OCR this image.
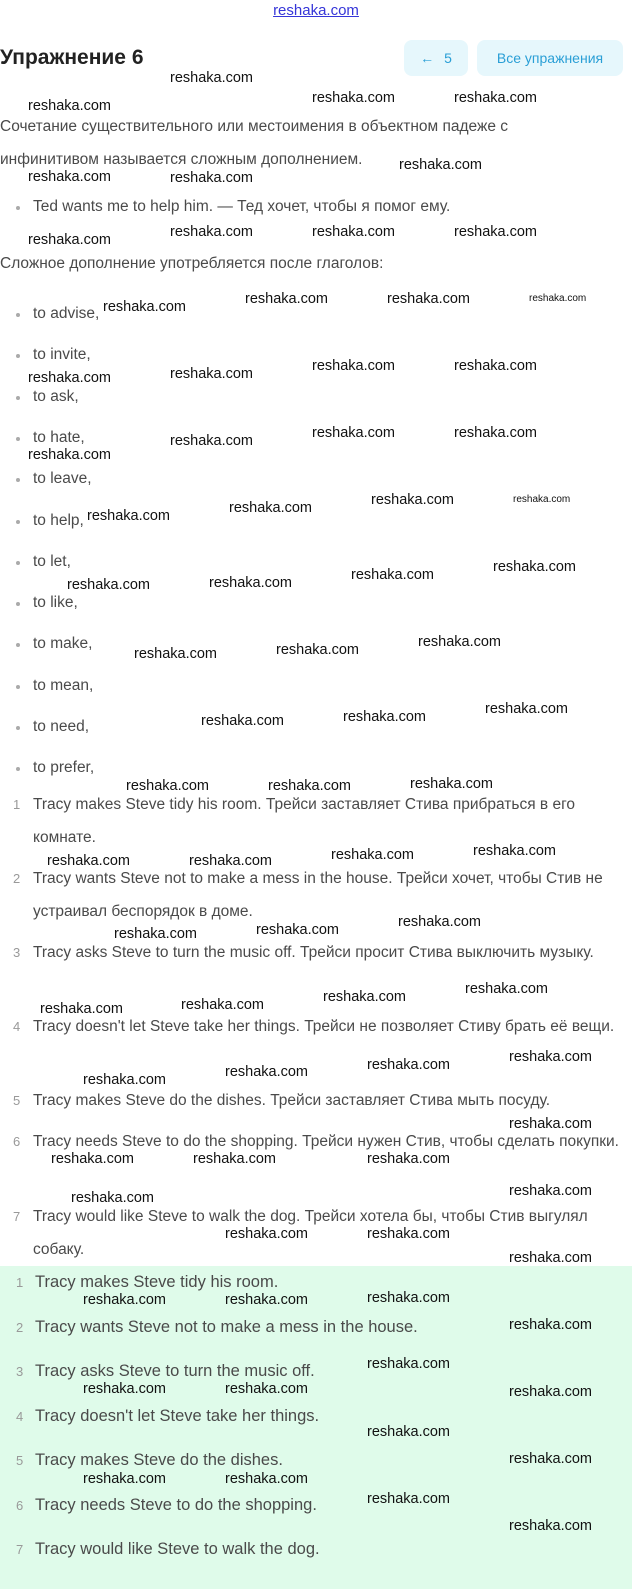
reshaka.com
Упражнение 6	← 5	Все упражнения

Сочетание существительного или местоимения в объектном падеже с инфинитивом называется сложным дополнением.

Ted wants me to help him. — Тед хочет, чтобы я помог ему.
Сложное дополнение употребляется после глаголов:
to advise,
to invite,
to ask,
to hate,
to leave,
to help,
to let,
to like,
to make,
to mean,
to need,
to prefer,
1 Tracy makes Steve tidy his room. Трейси заставляет Стива прибраться в его комнате.
2 Tracy wants Steve not to make a mess in the house. Трейси хочет, чтобы Стив не устраивал беспорядок в доме.
3 Tracy asks Steve to turn the music off. Трейси просит Стива выключить музыку.
4 Tracy doesn't let Steve take her things. Трейси не позволяет Стиву брать её вещи.
5 Tracy makes Steve do the dishes. Трейси заставляет Стива мыть посуду.
6 Tracy needs Steve to do the shopping. Трейси нужен Стив, чтобы сделать покупки.
7 Tracy would like Steve to walk the dog. Трейси хотела бы, чтобы Стив выгулял собаку.
1 Tracy makes Steve tidy his room.
2 Tracy wants Steve not to make a mess in the house.
3 Tracy asks Steve to turn the music off.
4 Tracy doesn't let Steve take her things.
5 Tracy makes Steve do the dishes.
6 Tracy needs Steve to do the shopping.
7 Tracy would like Steve to walk the dog.
reshaka.com
reshaka.com	reshaka.com	reshaka.com
reshaka.com
reshaka.com
reshaka.com
reshaka.com	reshaka.com	reshaka.com	reshaka.com
reshaka.com	reshaka.com	reshaka.com	reshaka.com
reshaka.com	reshaka.com	reshaka.com	reshaka.com
reshaka.com
reshaka.com	reshaka.com	reshaka.com
reshaka.com	reshaka.com	reshaka.com	reshaka.com
reshaka.com	reshaka.com	reshaka.com	reshaka.com
reshaka.com	reshaka.com	reshaka.com
reshaka.com	reshaka.com	reshaka.com
reshaka.com	reshaka.com	reshaka.com
reshaka.com	reshaka.com	reshaka.com	reshaka.com
reshaka.com	reshaka.com	reshaka.com
reshaka.com	reshaka.com	reshaka.com	reshaka.com
reshaka.com	reshaka.com
reshaka.com	reshaka.com
reshaka.com
reshaka.com	reshaka.com	reshaka.com
reshaka.com
reshaka.com
reshaka.com	reshaka.com
reshaka.com
reshaka.com	reshaka.com	reshaka.com
reshaka.com
reshaka.com
reshaka.com	reshaka.com	reshaka.com
reshaka.com
reshaka.com
reshaka.com	reshaka.com
reshaka.com
reshaka.com
